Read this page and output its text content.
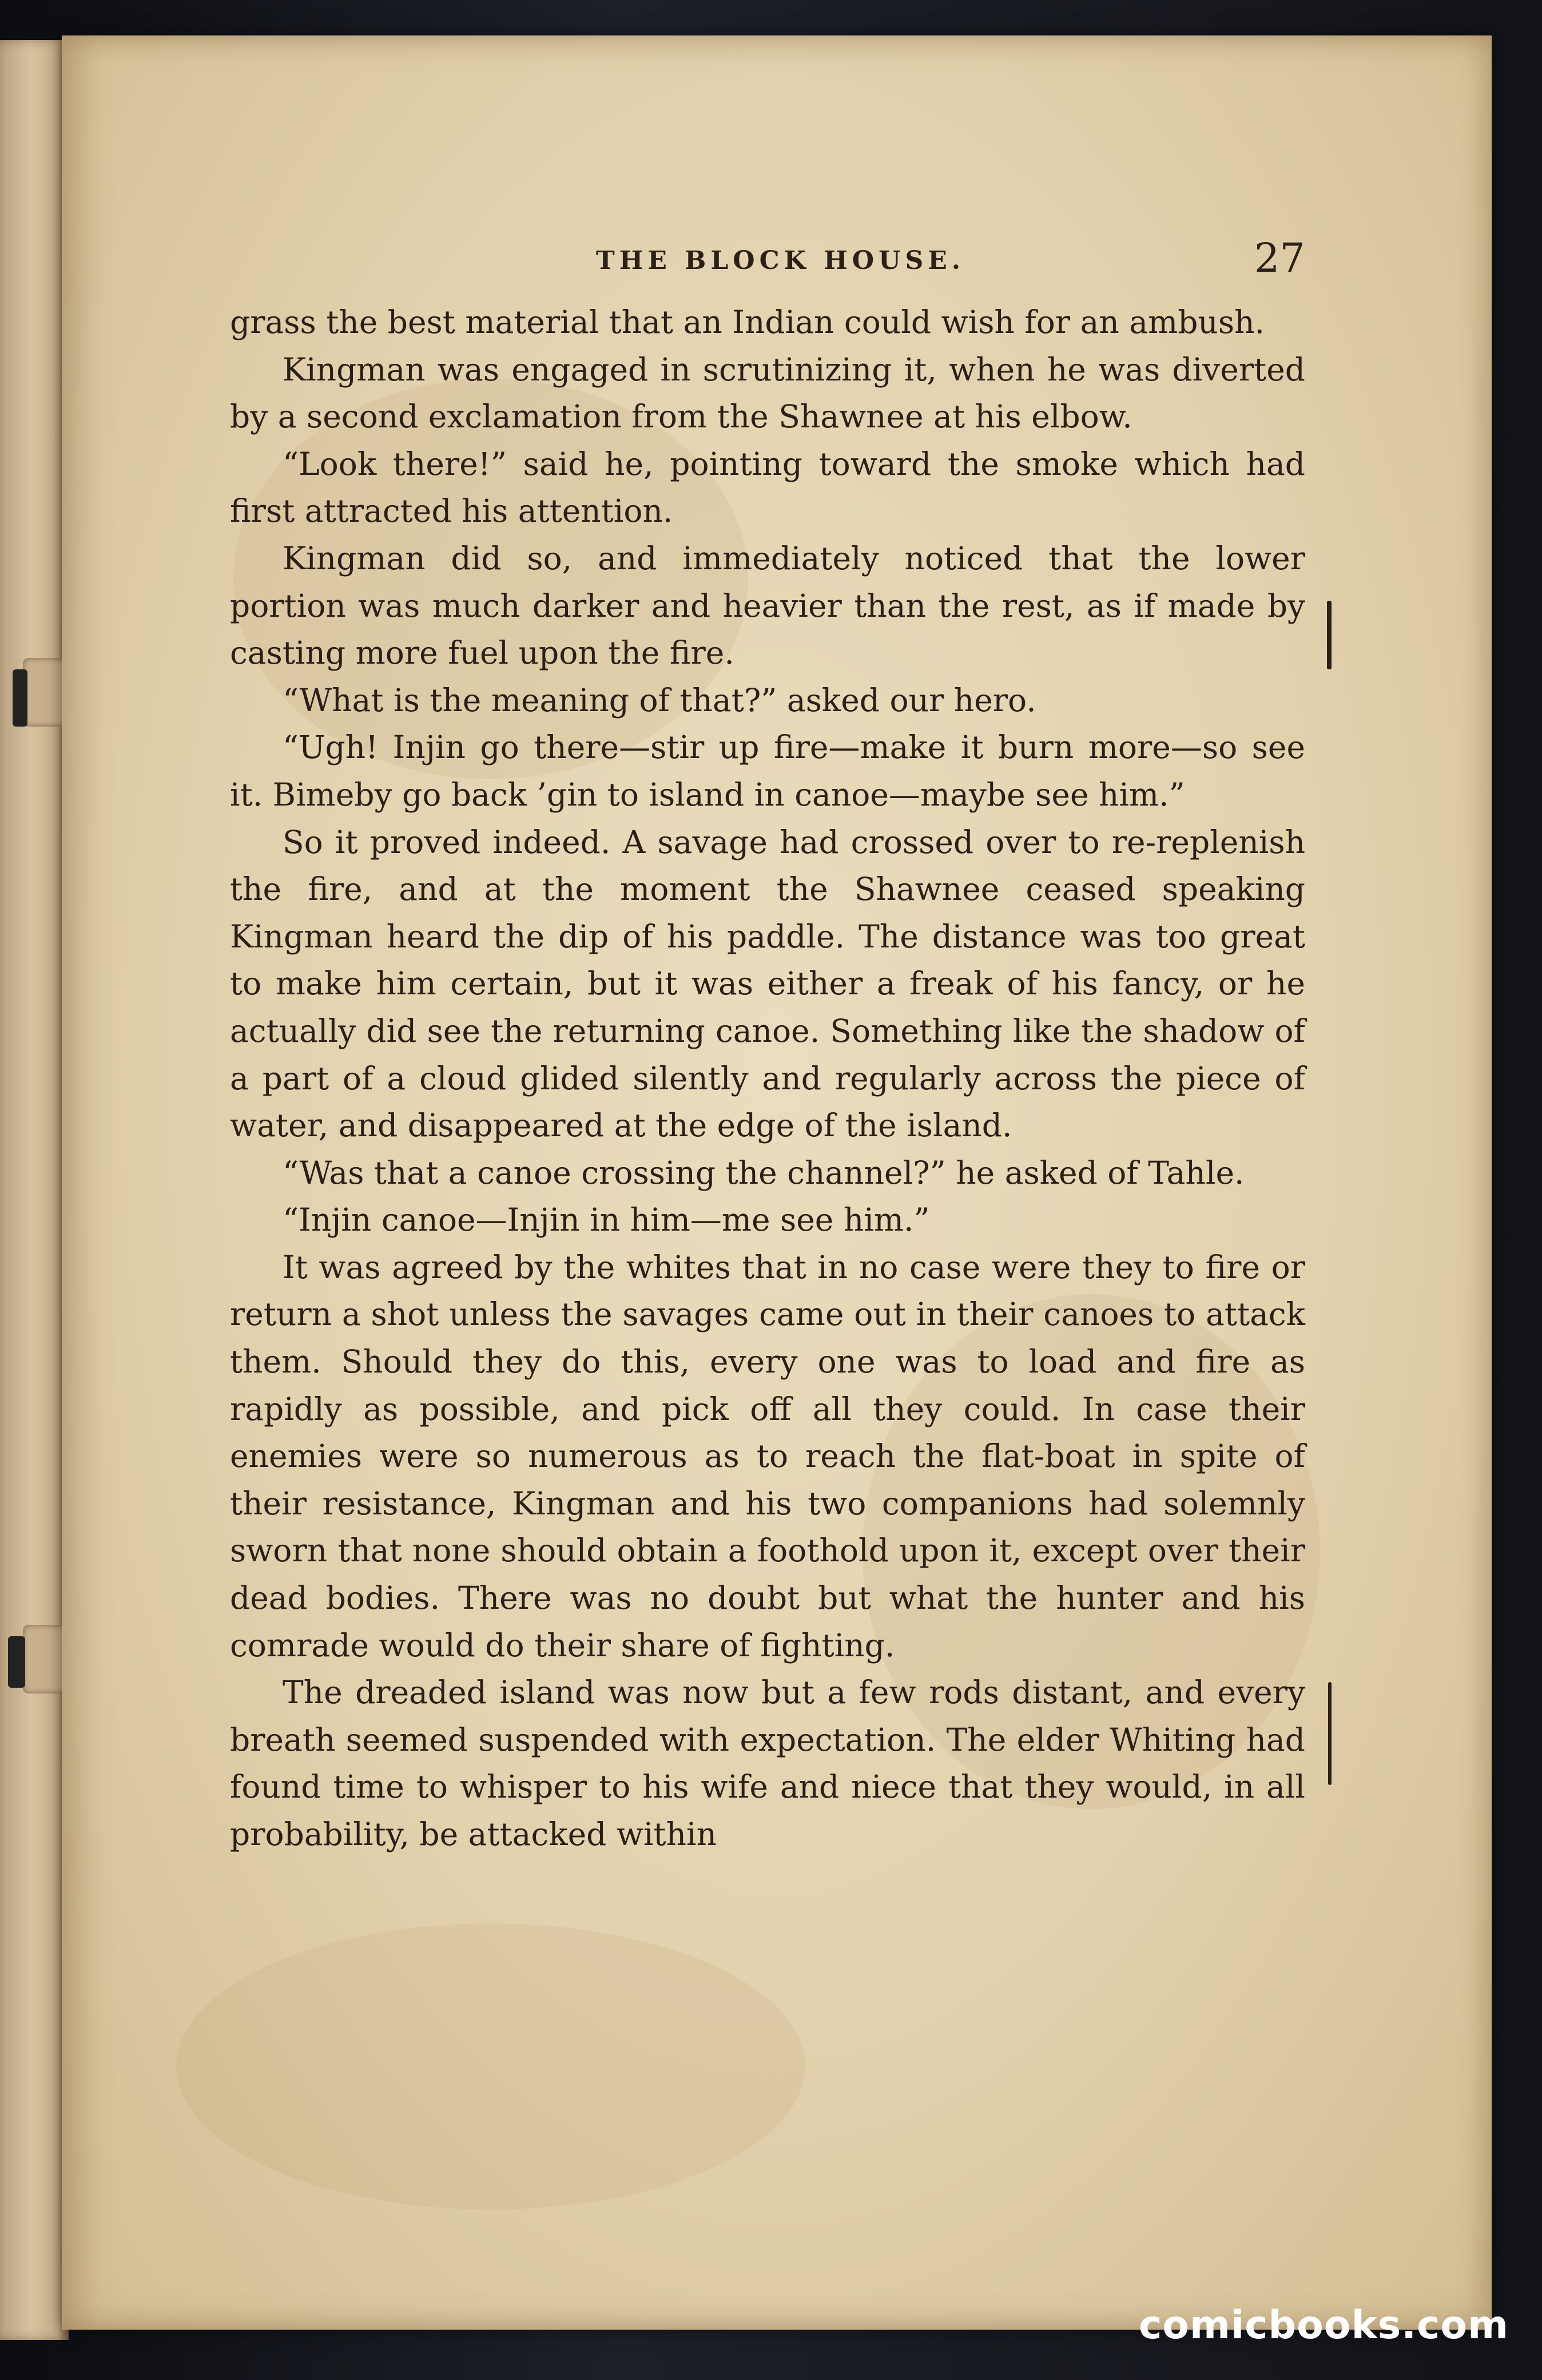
THE BLOCK HOUSE.	27

grass the best material that an Indian could wish for an ambush.

Kingman was engaged in scrutinizing it, when he was diverted by a second exclamation from the Shawnee at his elbow.

“Look there!” said he, pointing toward the smoke which had first attracted his attention.

Kingman did so, and immediately noticed that the lower portion was much darker and heavier than the rest, as if made by casting more fuel upon the fire.

“What is the meaning of that?” asked our hero.

“Ugh! Injin go there—stir up fire—make it burn more—so see it. Bimeby go back ’gin to island in canoe—maybe see him.”

So it proved indeed. A savage had crossed over to re-replenish the fire, and at the moment the Shawnee ceased speaking Kingman heard the dip of his paddle. The distance was too great to make him certain, but it was either a freak of his fancy, or he actually did see the returning canoe. Something like the shadow of a part of a cloud glided silently and regularly across the piece of water, and disappeared at the edge of the island.

“Was that a canoe crossing the channel?” he asked of Tahle.

“Injin canoe—Injin in him—me see him.”

It was agreed by the whites that in no case were they to fire or return a shot unless the savages came out in their canoes to attack them. Should they do this, every one was to load and fire as rapidly as possible, and pick off all they could. In case their enemies were so numerous as to reach the flat-boat in spite of their resistance, Kingman and his two companions had solemnly sworn that none should obtain a foothold upon it, except over their dead bodies. There was no doubt but what the hunter and his comrade would do their share of fighting.

The dreaded island was now but a few rods distant, and every breath seemed suspended with expectation. The elder Whiting had found time to whisper to his wife and niece that they would, in all probability, be attacked within

comicbooks.com
